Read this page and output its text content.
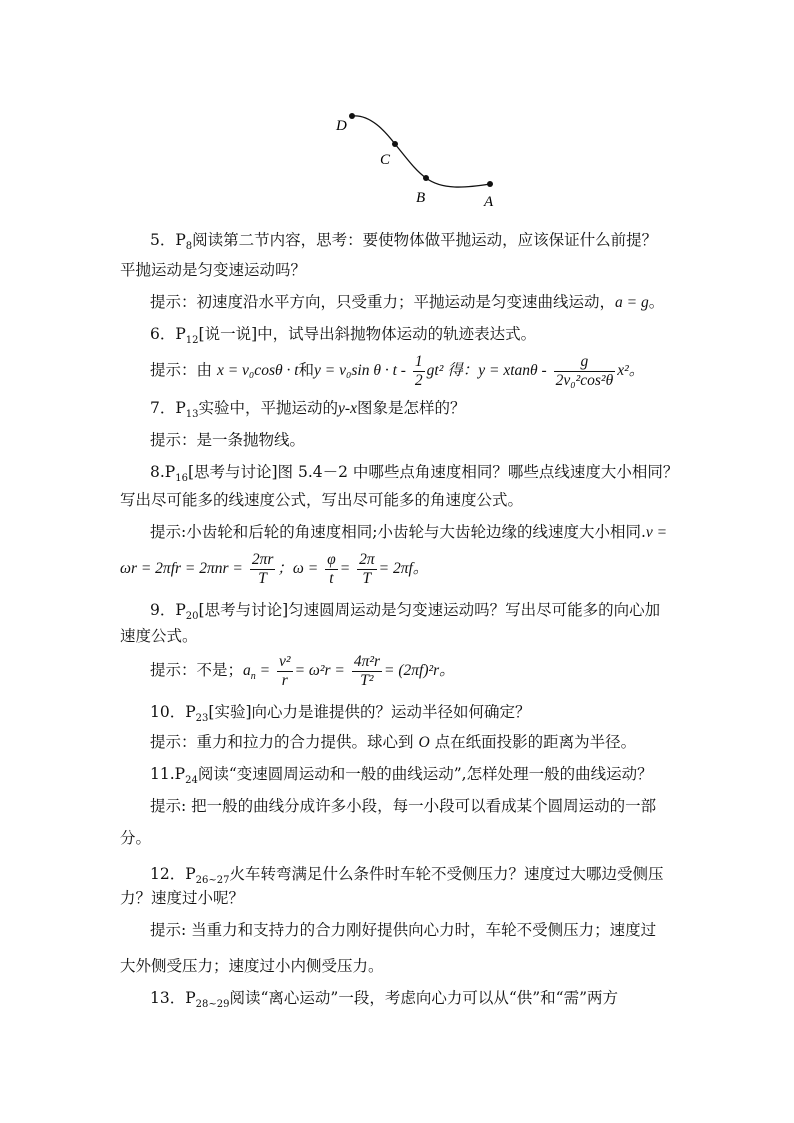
D
C
B	A
5．$P_8$阅读第二节内容，思考：要使物体做平抛运动，应该保证什么前提？
平抛运动是匀变速运动吗？
提示：初速度沿水平方向，只受重力；平抛运动是匀变速曲线运动，a = g。
6．$P_{12}$[说一说]中，试导出斜抛物体运动的轨迹表达式。
提示：由 x = v₀cosθ · t和y = v₀sin $\theta \cdot t - \frac{1}{2} gt^2$ 得：$y = xtan\theta - \frac{g}{\text{2v₀²cos²θ}} x^2$。
7．$P_{13}$实验中，平抛运动的y-x图象是怎样的？
提示：是一条抛物线。
$8.P_{16}$[思考与讨论]图 5.4－2 中哪些点角速度相同？哪些点线速度大小相同？
写出尽可能多的线速度公式，写出尽可能多的角速度公式。
提示:小齿轮和后轮的角速度相同;小齿轮与大齿轮边缘的线速度大小相同.v =
$\omega r = 2\pi fr = 2\pi nr = \frac{2\pi r}{T}$ ；$\omega = \frac{\varphi}{t} = \frac{2\pi}{T} = 2\pi f$。
9．$P_{20}$[思考与讨论]匀速圆周运动是匀变速运动吗？写出尽可能多的向心加
速度公式。
提示：不是；$a_n = \frac{\text{v²}}{r} = \omega^2r = \frac{\text{4π²r}}{\text{T²}} = (2\pi f)^2r$。
10．$P_{23}$[实验]向心力是谁提供的？运动半径如何确定？
提示：重力和拉力的合力提供。球心到 O 点在纸面投影的距离为半径。
$11.P_{24}$阅读“变速圆周运动和一般的曲线运动”,怎样处理一般的曲线运动？
提示: 把一般的曲线分成许多小段，每一小段可以看成某个圆周运动的一部
分。
12．$P_{26\sim 27}$火车转弯满足什么条件时车轮不受侧压力？速度过大哪边受侧压
力？速度过小呢？
提示: 当重力和支持力的合力刚好提供向心力时，车轮不受侧压力；速度过
大外侧受压力；速度过小内侧受压力。
13．$P_{28\sim 29}$阅读“离心运动”一段，考虑向心力可以从“供”和“需”两方
